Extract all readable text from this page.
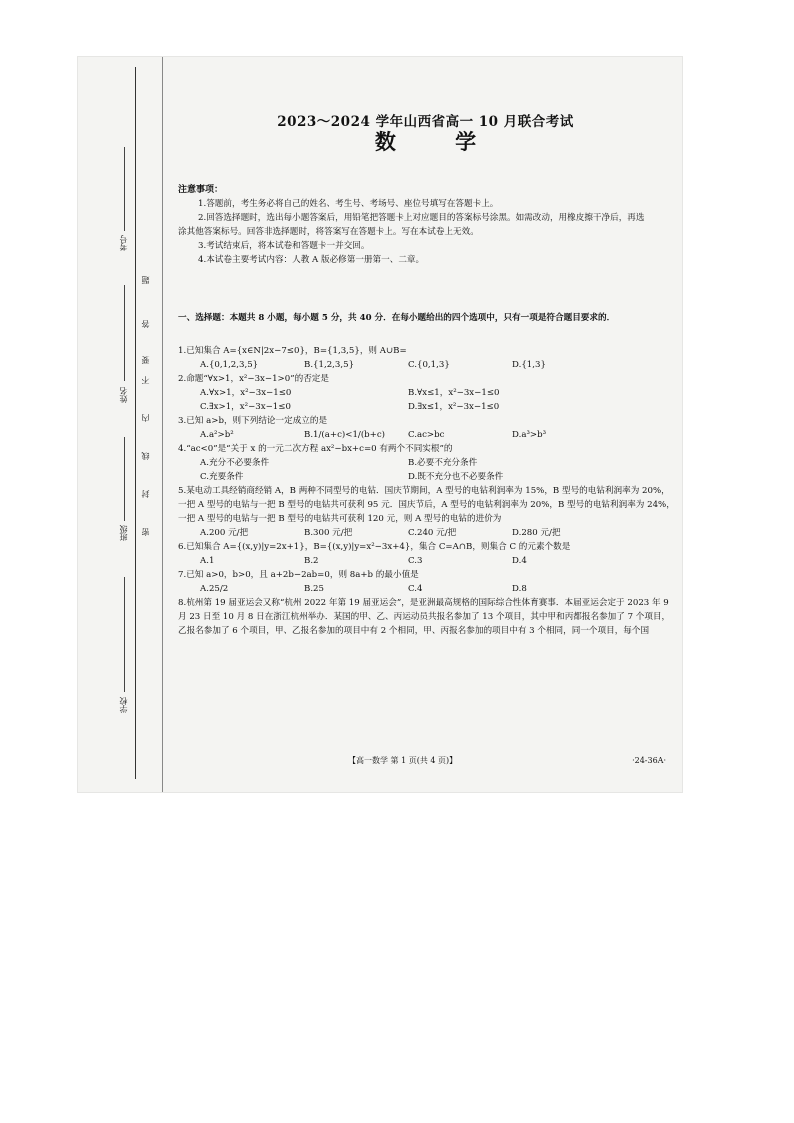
考号
姓名
班级
学校
密
封
线
内
不
要
答
题
2023～2024 学年山西省高一 10 月联合考试
数 学
注意事项：
1.答题前，考生务必将自己的姓名、考生号、考场号、座位号填写在答题卡上。
2.回答选择题时，选出每小题答案后，用铅笔把答题卡上对应题目的答案标号涂黑。如需改动，用橡皮擦干净后，再选涂其他答案标号。回答非选择题时，将答案写在答题卡上。写在本试卷上无效。
3.考试结束后，将本试卷和答题卡一并交回。
4.本试卷主要考试内容：人教 A 版必修第一册第一、二章。
一、选择题：本题共 8 小题，每小题 5 分，共 40 分．在每小题给出的四个选项中，只有一项是符合题目要求的．
1.已知集合 A={x∈N|2x−7≤0}，B={1,3,5}，则 A∪B=
A.{0,1,2,3,5}	B.{1,2,3,5}	C.{0,1,3}	D.{1,3}
2.命题“∀x>1，x²−3x−1>0”的否定是
A.∀x>1，x²−3x−1≤0	B.∀x≤1，x²−3x−1≤0
C.∃x>1，x²−3x−1≤0	D.∃x≤1，x²−3x−1≤0
3.已知 a>b，则下列结论一定成立的是
A.a²>b²	B.1/(a+c)<1/(b+c)	C.ac>bc	D.a³>b³
4.“ac<0”是“关于 x 的一元二次方程 ax²−bx+c=0 有两个不同实根”的
A.充分不必要条件	B.必要不充分条件
C.充要条件	D.既不充分也不必要条件
5.某电动工具经销商经销 A，B 两种不同型号的电钻．国庆节期间，A 型号的电钻利润率为 15%，B 型号的电钻利润率为 20%，一把 A 型号的电钻与一把 B 型号的电钻共可获利 95 元．国庆节后，A 型号的电钻利润率为 20%，B 型号的电钻利润率为 24%，一把 A 型号的电钻与一把 B 型号的电钻共可获利 120 元，则 A 型号的电钻的进价为
A.200 元/把	B.300 元/把	C.240 元/把	D.280 元/把
6.已知集合 A={(x,y)|y=2x+1}，B={(x,y)|y=x²−3x+4}，集合 C=A∩B，则集合 C 的元素个数是
A.1	B.2	C.3	D.4
7.已知 a>0，b>0，且 a+2b−2ab=0，则 8a+b 的最小值是
A.25/2	B.25	C.4	D.8
8.杭州第 19 届亚运会又称“杭州 2022 年第 19 届亚运会”，是亚洲最高规格的国际综合性体育赛事．本届亚运会定于 2023 年 9 月 23 日至 10 月 8 日在浙江杭州举办．某国的甲、乙、丙运动员共报名参加了 13 个项目，其中甲和丙都报名参加了 7 个项目，乙报名参加了 6 个项目，甲、乙报名参加的项目中有 2 个相同，甲、丙报名参加的项目中有 3 个相同，同一个项目，每个国
【高一数学 第 1 页(共 4 页)】	·24-36A·
